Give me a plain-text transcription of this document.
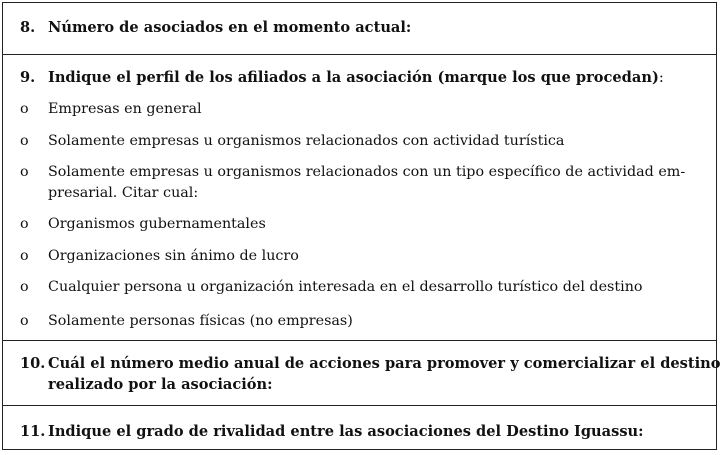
8. Número de asociados en el momento actual:
9. Indique el perfil de los afiliados a la asociación (marque los que procedan):
o Empresas en general
o Solamente empresas u organismos relacionados con actividad turística
o Solamente empresas u organismos relacionados con un tipo específico de actividad em-
presarial. Citar cual:
o Organismos gubernamentales
o Organizaciones sin ánimo de lucro
o Cualquier persona u organización interesada en el desarrollo turístico del destino
o Solamente personas físicas (no empresas)
10. Cuál el número medio anual de acciones para promover y comercializar el destino
realizado por la asociación:
11. Indique el grado de rivalidad entre las asociaciones del Destino Iguassu:
